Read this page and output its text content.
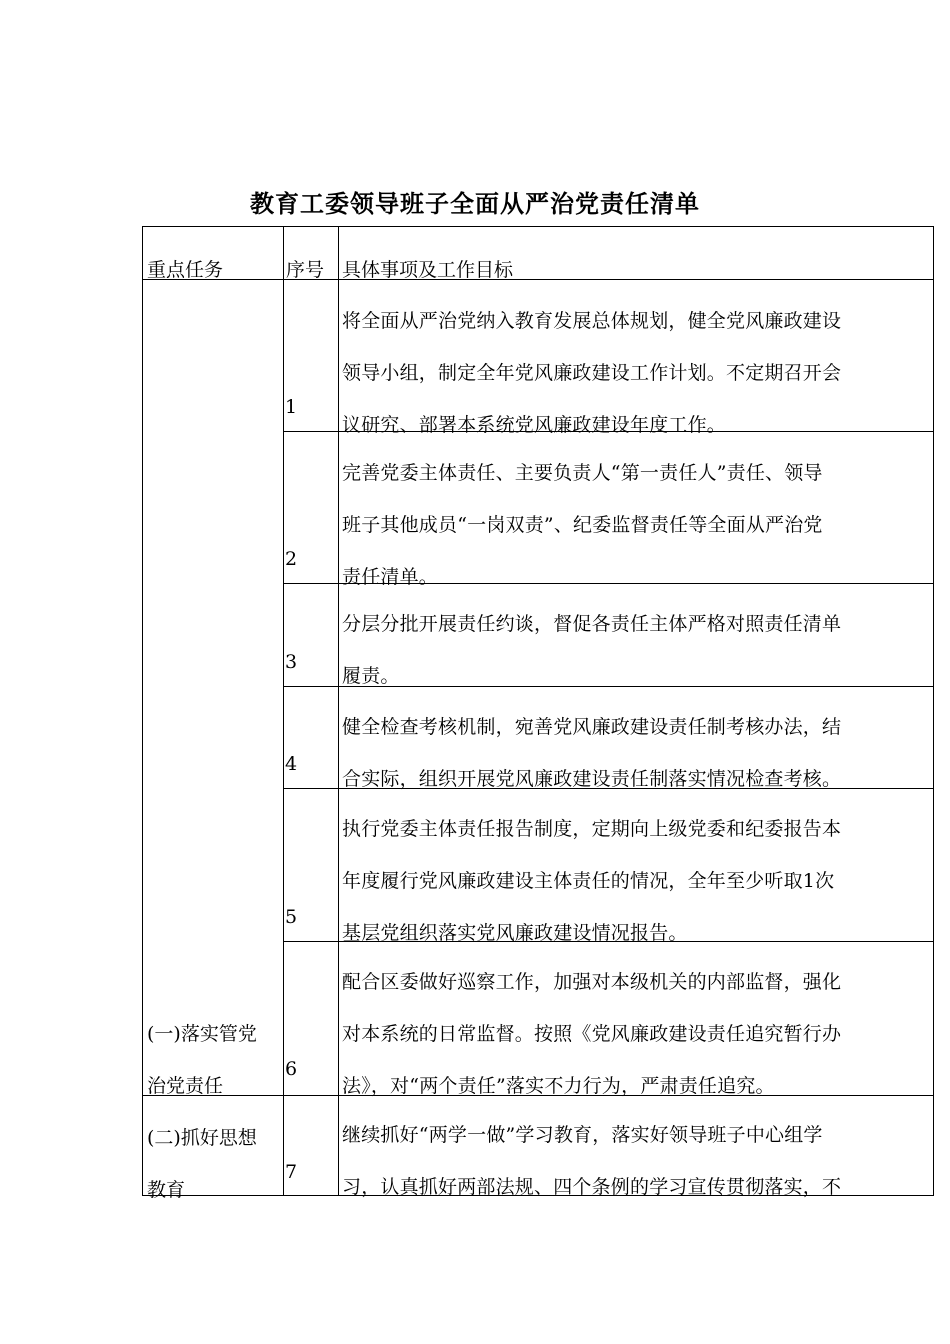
教育工委领导班子全面从严治党责任清单
重点任务	序号 具体事项及工作目标
(一)落实管党
治党责任
(二)抓好思想
教育
1
将全面从严治党纳入教育发展总体规划，健全党风廉政建设
领导小组，制定全年党风廉政建设工作计划。不定期召开会
议研究、部署本系统党风廉政建设年度工作。
2
完善党委主体责任、主要负责人“第一责任人”责任、领导
班子其他成员“一岗双责”、纪委监督责任等全面从严治党
责任清单。
3
分层分批开展责任约谈，督促各责任主体严格对照责任清单
履责。
4
健全检查考核机制，宛善党风廉政建设责任制考核办法，结
合实际，组织开展党风廉政建设责任制落实情况检查考核。
5
执行党委主体责任报告制度，定期向上级党委和纪委报告本
年度履行党风廉政建设主体责任的情况，全年至少听取1次
基层党组织落实党风廉政建设情况报告。
6
配合区委做好巡察工作，加强对本级机关的内部监督，强化
对本系统的日常监督。按照《党风廉政建设责任追究暂行办
法》，对“两个责任”落实不力行为，严肃责任追究。
7
继续抓好“两学一做”学习教育，落实好领导班子中心组学
习，认真抓好两部法规、四个条例的学习宣传贯彻落实，不
